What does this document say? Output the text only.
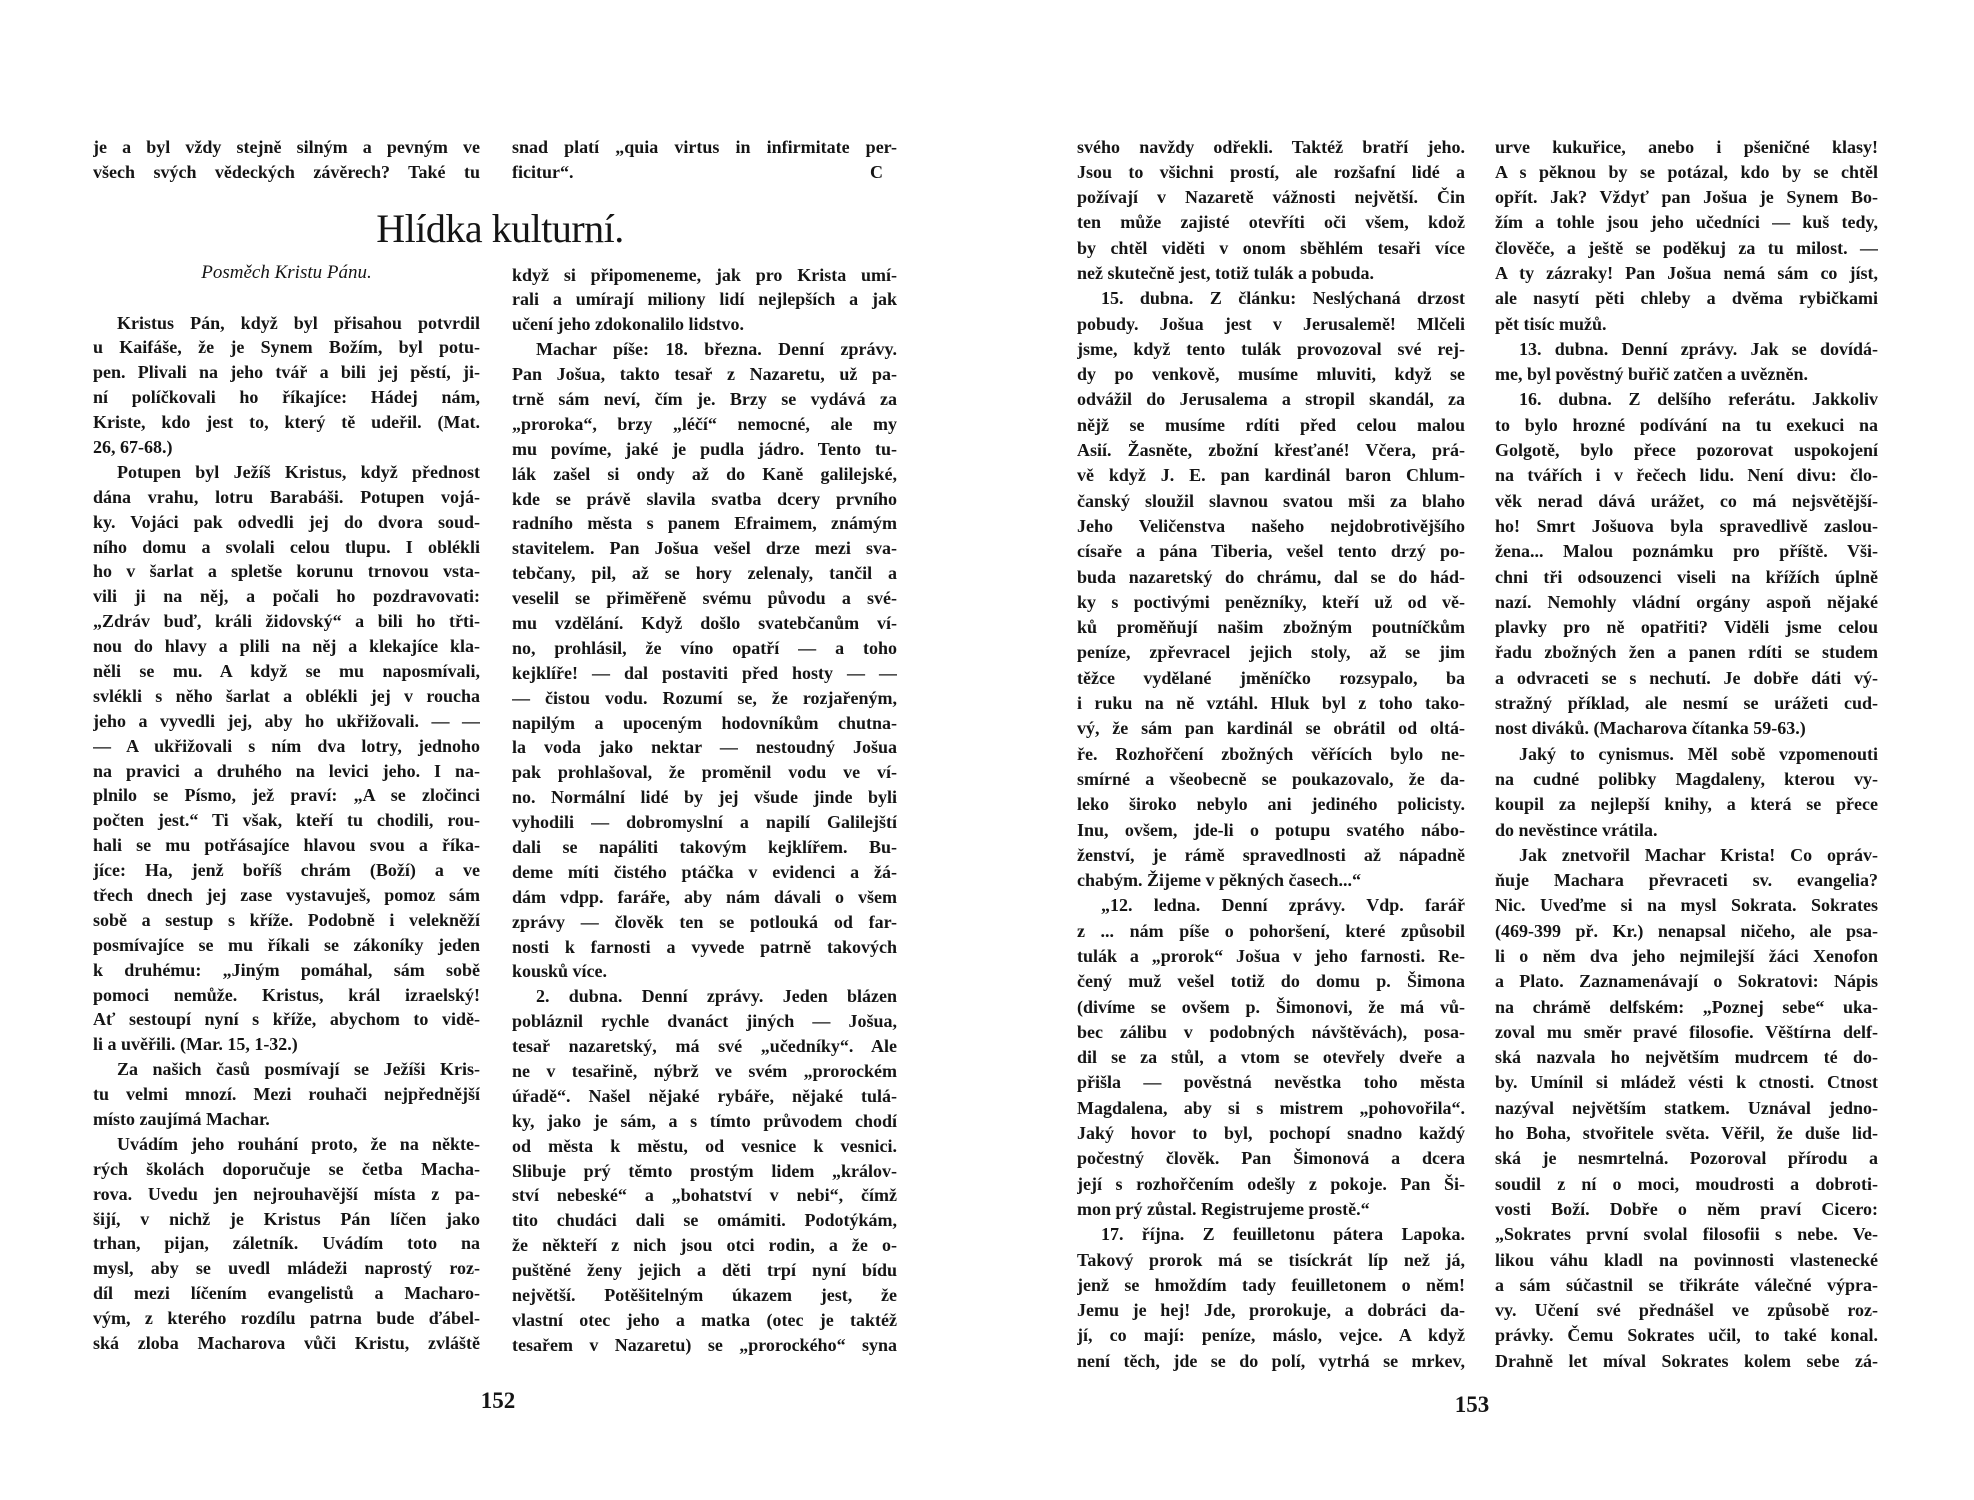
je a byl vždy stejně silným a pevným ve
všech svých vědeckých závěrech? Také tu
snad platí „quia virtus in infirmitate per-
ficitur“.	C
Hlídka kulturní.
Posměch Kristu Pánu.
Kristus Pán, když byl přisahou potvrdil
u Kaifáše, že je Synem Božím, byl potu-
pen. Plivali na jeho tvář a bili jej pěstí, ji-
ní políčkovali ho říkajíce: Hádej nám,
Kriste, kdo jest to, který tě udeřil. (Mat.
26, 67-68.)
Potupen byl Ježíš Kristus, když přednost
dána vrahu, lotru Barabáši. Potupen vojá-
ky. Vojáci pak odvedli jej do dvora soud-
ního domu a svolali celou tlupu. I oblékli
ho v šarlat a spletše korunu trnovou vsta-
vili ji na něj, a počali ho pozdravovati:
„Zdráv buď, králi židovský“ a bili ho třti-
nou do hlavy a plili na něj a klekajíce kla-
něli se mu. A když se mu naposmívali,
svlékli s něho šarlat a oblékli jej v roucha
jeho a vyvedli jej, aby ho ukřižovali. — —
— A ukřižovali s ním dva lotry, jednoho
na pravici a druhého na levici jeho. I na-
plnilo se Písmo, jež praví: „A se zločinci
počten jest.“ Ti však, kteří tu chodili, rou-
hali se mu potřásajíce hlavou svou a říka-
jíce: Ha, jenž boříš chrám (Boží) a ve
třech dnech jej zase vystavuješ, pomoz sám
sobě a sestup s kříže. Podobně i velekněží
posmívajíce se mu říkali se zákoníky jeden
k druhému: „Jiným pomáhal, sám sobě
pomoci nemůže. Kristus, král izraelský!
Ať sestoupí nyní s kříže, abychom to vidě-
li a uvěřili. (Mar. 15, 1-32.)
Za našich časů posmívají se Ježíši Kris-
tu velmi mnozí. Mezi rouhači nejpřednější
místo zaujímá Machar.
Uvádím jeho rouhání proto, že na někte-
rých školách doporučuje se četba Macha-
rova. Uvedu jen nejrouhavější místa z pa-
šijí, v nichž je Kristus Pán líčen jako
trhan, pijan, záletník. Uvádím toto na
mysl, aby se uvedl mládeži naprostý roz-
díl mezi líčením evangelistů a Macharo-
vým, z kterého rozdílu patrna bude ďábel-
ská zloba Macharova vůči Kristu, zvláště
když si připomeneme, jak pro Krista umí-
rali a umírají miliony lidí nejlepších a jak
učení jeho zdokonalilo lidstvo.
Machar píše: 18. března. Denní zprávy.
Pan Jošua, takto tesař z Nazaretu, už pa-
trně sám neví, čím je. Brzy se vydává za
„proroka“, brzy „léčí“ nemocné, ale my
mu povíme, jaké je pudla jádro. Tento tu-
lák zašel si ondy až do Kaně galilejské,
kde se právě slavila svatba dcery prvního
radního města s panem Efraimem, známým
stavitelem. Pan Jošua vešel drze mezi sva-
tebčany, pil, až se hory zelenaly, tančil a
veselil se přiměřeně svému původu a své-
mu vzdělání. Když došlo svatebčanům ví-
no, prohlásil, že víno opatří — a toho
kejklíře! — dal postaviti před hosty — —
— čistou vodu. Rozumí se, že rozjařeným,
napilým a upoceným hodovníkům chutna-
la voda jako nektar — nestoudný Jošua
pak prohlašoval, že proměnil vodu ve ví-
no. Normální lidé by jej všude jinde byli
vyhodili — dobromyslní a napilí Galilejští
dali se napáliti takovým kejklířem. Bu-
deme míti čistého ptáčka v evidenci a žá-
dám vdpp. faráře, aby nám dávali o všem
zprávy — člověk ten se potlouká od far-
nosti k farnosti a vyvede patrně takových
kousků více.
2. dubna. Denní zprávy. Jeden blázen
pobláznil rychle dvanáct jiných — Jošua,
tesař nazaretský, má své „učedníky“. Ale
ne v tesařině, nýbrž ve svém „prorockém
úřadě“. Našel nějaké rybáře, nějaké tulá-
ky, jako je sám, a s tímto průvodem chodí
od města k městu, od vesnice k vesnici.
Slibuje prý těmto prostým lidem „králov-
ství nebeské“ a „bohatství v nebi“, čímž
tito chudáci dali se omámiti. Podotýkám,
že někteří z nich jsou otci rodin, a že o-
puštěné ženy jejich a děti trpí nyní bídu
největší. Potěšitelným úkazem jest, že
vlastní otec jeho a matka (otec je taktéž
tesařem v Nazaretu) se „prorockého“ syna
152
svého navždy odřekli. Taktéž bratří jeho.
Jsou to všichni prostí, ale rozšafní lidé a
požívají v Nazaretě vážnosti největší. Čin
ten může zajisté otevříti oči všem, kdož
by chtěl viděti v onom sběhlém tesaři více
než skutečně jest, totiž tulák a pobuda.
15. dubna. Z článku: Neslýchaná drzost
pobudy. Jošua jest v Jerusalemě! Mlčeli
jsme, když tento tulák provozoval své rej-
dy po venkově, musíme mluviti, když se
odvážil do Jerusalema a stropil skandál, za
nějž se musíme rdíti před celou malou
Asií. Žasněte, zbožní křesťané! Včera, prá-
vě když J. E. pan kardinál baron Chlum-
čanský sloužil slavnou svatou mši za blaho
Jeho Veličenstva našeho nejdobrotivějšího
císaře a pána Tiberia, vešel tento drzý po-
buda nazaretský do chrámu, dal se do hád-
ky s poctivými penězníky, kteří už od vě-
ků proměňují našim zbožným poutníčkům
peníze, zpřevracel jejich stoly, až se jim
těžce vydělané jměníčko rozsypalo, ba
i ruku na ně vztáhl. Hluk byl z toho tako-
vý, že sám pan kardinál se obrátil od oltá-
ře. Rozhořčení zbožných věřících bylo ne-
smírné a všeobecně se poukazovalo, že da-
leko široko nebylo ani jediného policisty.
Inu, ovšem, jde-li o potupu svatého nábo-
ženství, je rámě spravedlnosti až nápadně
chabým. Žijeme v pěkných časech...“
„12. ledna. Denní zprávy. Vdp. farář
z ... nám píše o pohoršení, které způsobil
tulák a „prorok“ Jošua v jeho farnosti. Re-
čený muž vešel totiž do domu p. Šimona
(divíme se ovšem p. Šimonovi, že má vů-
bec zálibu v podobných návštěvách), posa-
dil se za stůl, a vtom se otevřely dveře a
přišla — pověstná nevěstka toho města
Magdalena, aby si s mistrem „pohovořila“.
Jaký hovor to byl, pochopí snadno každý
počestný člověk. Pan Šimonová a dcera
její s rozhořčením odešly z pokoje. Pan Ši-
mon prý zůstal. Registrujeme prostě.“
17. října. Z feuilletonu pátera Lapoka.
Takový prorok má se tisíckrát líp než já,
jenž se hmoždím tady feuilletonem o něm!
Jemu je hej! Jde, prorokuje, a dobráci da-
jí, co mají: peníze, máslo, vejce. A když
není těch, jde se do polí, vytrhá se mrkev,
urve kukuřice, anebo i pšeničné klasy!
A s pěknou by se potázal, kdo by se chtěl
opřít. Jak? Vždyť pan Jošua je Synem Bo-
žím a tohle jsou jeho učedníci — kuš tedy,
člověče, a ještě se poděkuj za tu milost. —
A ty zázraky! Pan Jošua nemá sám co jíst,
ale nasytí pěti chleby a dvěma rybičkami
pět tisíc mužů.
13. dubna. Denní zprávy. Jak se dovídá-
me, byl pověstný buřič zatčen a uvězněn.
16. dubna. Z delšího referátu. Jakkoliv
to bylo hrozné podívání na tu exekuci na
Golgotě, bylo přece pozorovat uspokojení
na tvářích i v řečech lidu. Není divu: člo-
věk nerad dává urážet, co má nejsvětější-
ho! Smrt Jošuova byla spravedlivě zaslou-
žena... Malou poznámku pro příště. Vši-
chni tři odsouzenci viseli na křížích úplně
nazí. Nemohly vládní orgány aspoň nějaké
plavky pro ně opatřiti? Viděli jsme celou
řadu zbožných žen a panen rdíti se studem
a odvraceti se s nechutí. Je dobře dáti vý-
stražný příklad, ale nesmí se urážeti cud-
nost diváků. (Macharova čítanka 59-63.)
Jaký to cynismus. Měl sobě vzpomenouti
na cudné polibky Magdaleny, kterou vy-
koupil za nejlepší knihy, a která se přece
do nevěstince vrátila.
Jak znetvořil Machar Krista! Co opráv-
ňuje Machara převraceti sv. evangelia?
Nic. Uveďme si na mysl Sokrata. Sokrates
(469-399 př. Kr.) nenapsal ničeho, ale psa-
li o něm dva jeho nejmilejší žáci Xenofon
a Plato. Zaznamenávají o Sokratovi: Nápis
na chrámě delfském: „Poznej sebe“ uka-
zoval mu směr pravé filosofie. Věštírna delf-
ská nazvala ho největším mudrcem té do-
by. Umínil si mládež vésti k ctnosti. Ctnost
nazýval největším statkem. Uznával jedno-
ho Boha, stvořitele světa. Věřil, že duše lid-
ská je nesmrtelná. Pozoroval přírodu a
soudil z ní o moci, moudrosti a dobroti-
vosti Boží. Dobře o něm praví Cicero:
„Sokrates první svolal filosofii s nebe. Ve-
likou váhu kladl na povinnosti vlastenecké
a sám súčastnil se třikráte válečné výpra-
vy. Učení své přednášel ve způsobě roz-
právky. Čemu Sokrates učil, to také konal.
Drahně let míval Sokrates kolem sebe zá-
153
